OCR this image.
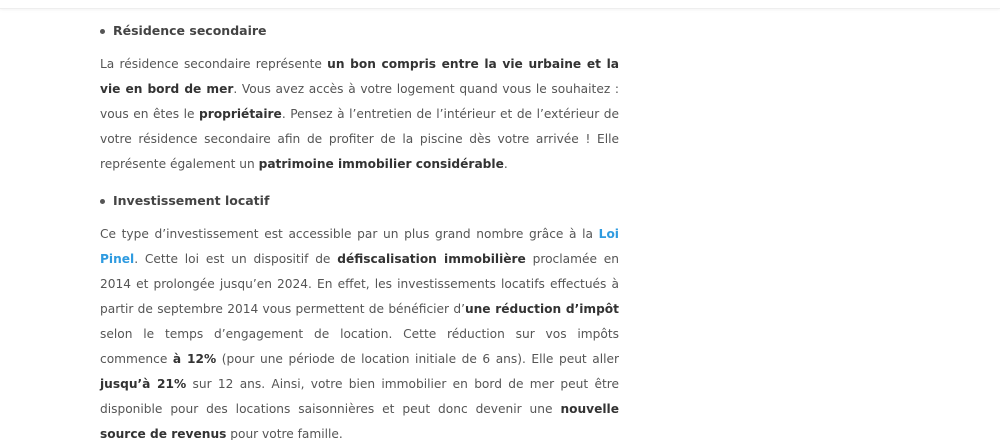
Résidence secondaire

La résidence secondaire représente un bon compris entre la vie urbaine et la vie en bord de mer. Vous avez accès à votre logement quand vous le souhaitez : vous en êtes le propriétaire. Pensez à l’entretien de l’intérieur et de l’extérieur de votre résidence secondaire afin de profiter de la piscine dès votre arrivée ! Elle représente également un patrimoine immobilier considérable.

Investissement locatif

Ce type d’investissement est accessible par un plus grand nombre grâce à la Loi Pinel. Cette loi est un dispositif de défiscalisation immobilière proclamée en 2014 et prolongée jusqu’en 2024. En effet, les investissements locatifs effectués à partir de septembre 2014 vous permettent de bénéficier d’une réduction d’impôt selon le temps d’engagement de location. Cette réduction sur vos impôts commence à 12% (pour une période de location initiale de 6 ans). Elle peut aller jusqu’à 21% sur 12 ans. Ainsi, votre bien immobilier en bord de mer peut être disponible pour des locations saisonnières et peut donc devenir une nouvelle source de revenus pour votre famille.
